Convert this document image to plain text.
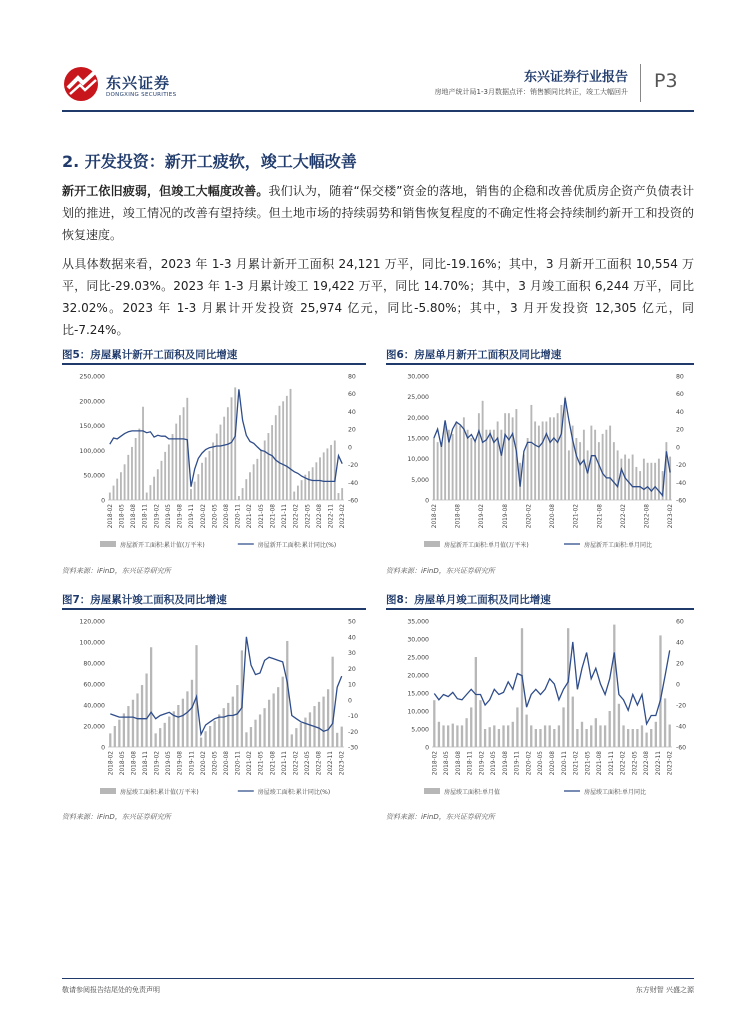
东兴证券
DONGXING SECURITIES
东兴证券行业报告
房地产统计局1-3月数据点评：销售额同比转正，竣工大幅回升 P3
2. 开发投资：新开工疲软，竣工大幅改善
新开工依旧疲弱，但竣工大幅度改善。我们认为，随着“保交楼”资金的落地，销售的企稳和改善优质房企资产负债表计划的推进，竣工情况的改善有望持续。但土地市场的持续弱势和销售恢复程度的不确定性将会持续制约新开工和投资的恢复速度。
从具体数据来看，2023 年 1-3 月累计新开工面积 24,121 万平，同比-19.16%；其中，3 月新开工面积 10,554 万平，同比-29.03%。2023 年 1-3 月累计竣工 19,422 万平，同比 14.70%；其中，3 月竣工面积 6,244 万平，同比 32.02%。2023 年 1-3 月累计开发投资 25,974 亿元，同比-5.80%；其中，3 月开发投资 12,305 亿元，同比-7.24%。
图5：房屋累计新开工面积及同比增速	图6：房屋单月新开工面积及同比增速
0
50,000
100,000
150,000
200,000
250,000
-60
-40
-20
0
20
40
60
80
2018-02 2018-05 2018-08 2018-11 2019-02 2019-05 2019-08 2019-11 2020-02 2020-05 2020-08 2020-11 2021-02 2021-05 2021-08 2021-11 2022-02 2022-05 2022-08 2022-11 2023-02
房屋新开工面积:累计值(万平米)	房屋新开工面积:累计同比(%)
0
5,000
10,000
15,000
20,000
25,000
30,000
-60
-40
-20
0
20
40
60
80
2018-02	2018-08	2019-02	2019-08	2020-02	2020-08	2021-02	2021-08	2022-02	2022-08	2023-02
房屋新开工面积:单月值(万平米)	房屋新开工面积:单月同比
资料来源：iFinD，东兴证券研究所	资料来源：iFinD，东兴证券研究所
图7：房屋累计竣工面积及同比增速	图8：房屋单月竣工面积及同比增速
0
20,000
40,000
60,000
80,000
100,000
120,000
-30
-20
-10
0
10
20
30
40
50
2018-02 2018-05 2018-08 2018-11 2019-02 2019-05 2019-08 2019-11 2020-02 2020-05 2020-08 2020-11 2021-02 2021-05 2021-08 2021-11 2022-02 2022-05 2022-08 2022-11 2023-02
房屋竣工面积:累计值(万平米)	房屋竣工面积:累计同比(%)
0
5,000
10,000
15,000
20,000
25,000
30,000
35,000
-60
-40
-20
0
20
40
60
2018-02 2018-05 2018-08 2018-11 2019-02 2019-05 2019-08 2019-11 2020-02 2020-05 2020-08 2020-11 2021-02 2021-05 2021-08 2021-11 2022-02 2022-05 2022-08 2022-11 2023-02
房屋竣工面积:单月值	房屋竣工面积:单月同比
资料来源：iFinD，东兴证券研究所	资料来源：iFinD，东兴证券研究所
敬请参阅报告结尾处的免责声明	东方财智 兴盛之源
